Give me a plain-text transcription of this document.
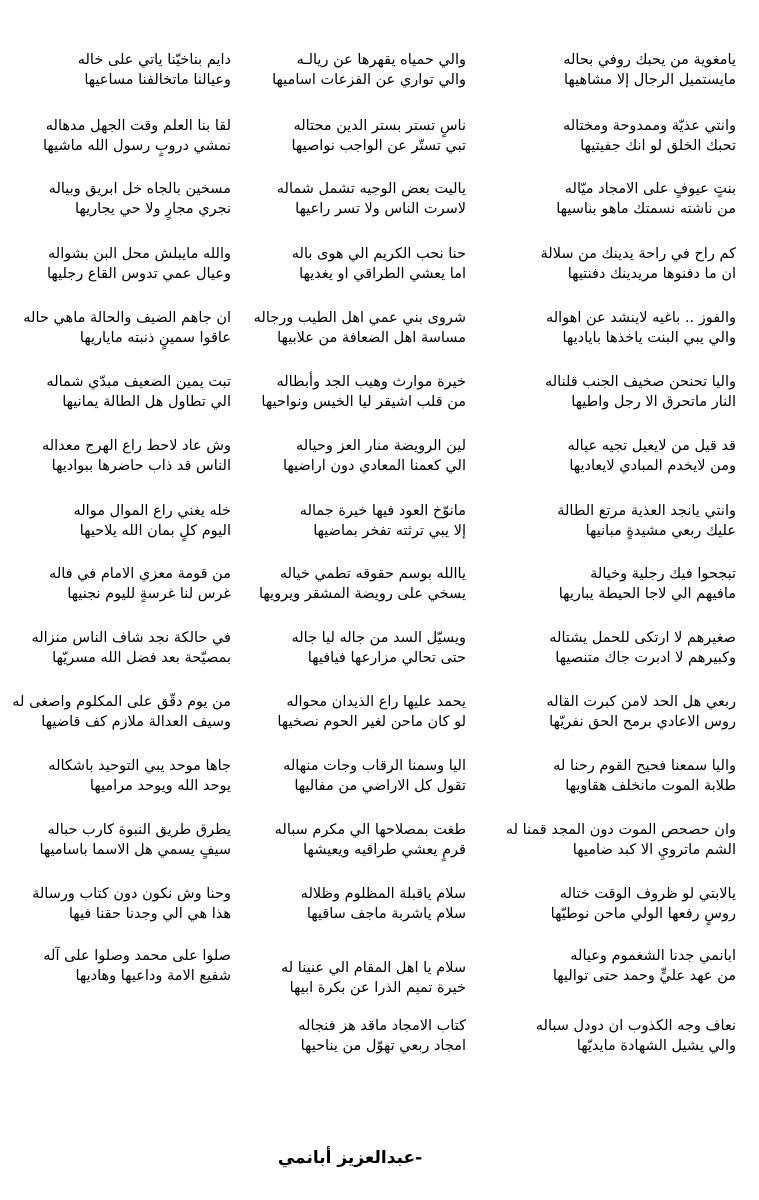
يامغوية من يحبك روفي بحاله
مايستميل الرجال إلا مشاهيها
وانتي عذيّة وممدوحة ومختاله
تحبك الخلق لو انك جفيتيها
بنتٍ عيوفٍ على الامجاد ميّاله
من ناشته نسمتك ماهو بناسيها
كم راح في راحة يدينك من سلالة
ان ما دفنوها مريدينك دفنتيها
والفوز .. باغيه لاينشد عن اهواله
والي يبي البنت ياخذها باياديها
واليا تحنحن صخيف الجنب قلناله
النار ماتحرق الا رجل واطيها
قد قيل من لايعيل تجيه عياله
ومن لايخدم المبادي لايعاديها
وانتي يانجد العذية مرتع الطالة
عليك ربعي مشيدةٍ مبانيها
تبجحوا فيك رجلية وخيالة
مافيهم الي لاجا الحيطة يباريها
صغيرهم لا ارتكى للحمل يشتاله
وكبيرهم لا ادبرت جاك متنصيها
ربعي هل الحد لامن كبرت القاله
روس الاعادي برمح الحق نفريّها
واليا سمعنا فحيح القوم رحنا له
طلابة الموت مانخلف هقاويها
وان حصحص الموت دون المجد قمنا له
الشم ماترويِ الا كبد ضاميها
يالابتي لو ظروف الوقت ختاله
روسٍ رفعها الولي ماحن نوطيّها
ابانمي جدنا الشغموم وعياله
من عهد عليٍّ وحمد حتى تواليها
نعاف وجه الكذوب ان دودل سباله
والي يشيل الشهادة مايديّها
والي حمياه يقهرها عن ريالـه
والي تواري عن الفزعات اساميها
ناسٍ تستر بستر الدين محتاله
تبي تستّر عن الواجب نواصيها
ياليت بعض الوجيه تشمل شماله
لاسرت الناس ولا تسر راعيها
حنا نحب الكريم الي هوى باله
اما يعشي الطراقي او يغديها
شروى بني عمي اهل الطيب ورجاله
مساسة اهل الضعافة من علابيها
خيرة موارث وهيب الجد وأبطاله
من قلب اشيقر ليا الخيس ونواحيها
لين الرويضة منار العز وحياله
الي كعمنا المعادي دون اراضيها
مانوّخ العود فيها خيرة جماله
إلا يبي ترثته تفخر بماضيها
ياالله بوسم حقوقه تطمي خياله
يسخي على رويضة المشقر ويرويها
ويسيّل السد من جاله ليا جاله
حتى تحالي مزارعها فيافيها
يحمد عليها راع الذيدان محواله
لو كان ماحن لغير الحوم نصخيها
اليا وسمنا الرقاب وجات منهاله
تقول كل الاراضي من مفاليها
طغت بمصلاحها الي مكرم سباله
قرمٍ يعشي طراقيه ويعيشها
سلام ياقبلة المظلوم وظلاله
سلام ياشربة ماجف ساقيها
سلام يا اهل المقام الي عنينا له
خيرة تميم الذرا عن بكرة ابيها
كتاب الامجاد ماقد هز فنجاله
امجاد ربعي تهوّل من يناحيها
دايم بناخيّنا ياتي على خاله
وعيالنا ماتخالفنا مساعيها
لقا بنا العلم وقت الجهل مدهاله
نمشي دروبٍ رسول الله ماشيها
مسخين بالجاه خل ابريق وبياله
نجري مجارٍ ولا حي يجاريها
والله مايبلش محل البن بشواله
وعيال عمي تدوس القاع رجليها
ان جاهم الضيف والحالة ماهي حاله
عاقوا سمينٍ ذنبته ماياريها
تبت يمين الضعيف مبدّي شماله
الي تطاول هل الطالة يمانيها
وش عاد لاحط راع الهرج معداله
الناس قد ذاب حاضرها ببواديها
خله يغني راع الموال مواله
اليوم كلٍ بمان الله يلاحيها
من قومة معزي الامام في فاله
غرس لنا غرسةٍ لليوم نجنيها
في حالكة نجد شاف الناس منزاله
بمصيّحة بعد فضل الله مسريّها
من يوم دقّق على المكلوم واصغى له
وسيف العدالة ملازم كف قاضيها
جاها موحد يبي التوحيد باشكاله
يوحد الله ويوحد مراميها
يطرق طريق النبوة كارب حباله
سيفٍ يسمي هل الاسما باساميها
وحنا وش نكون دون كتاب ورسالة
هذا هي الي وجدنا حقنا فيها
صلوا على محمد وصلوا على آله
شفيع الامة وداعيها وهاديها
-عبدالعزيز أبانمي
